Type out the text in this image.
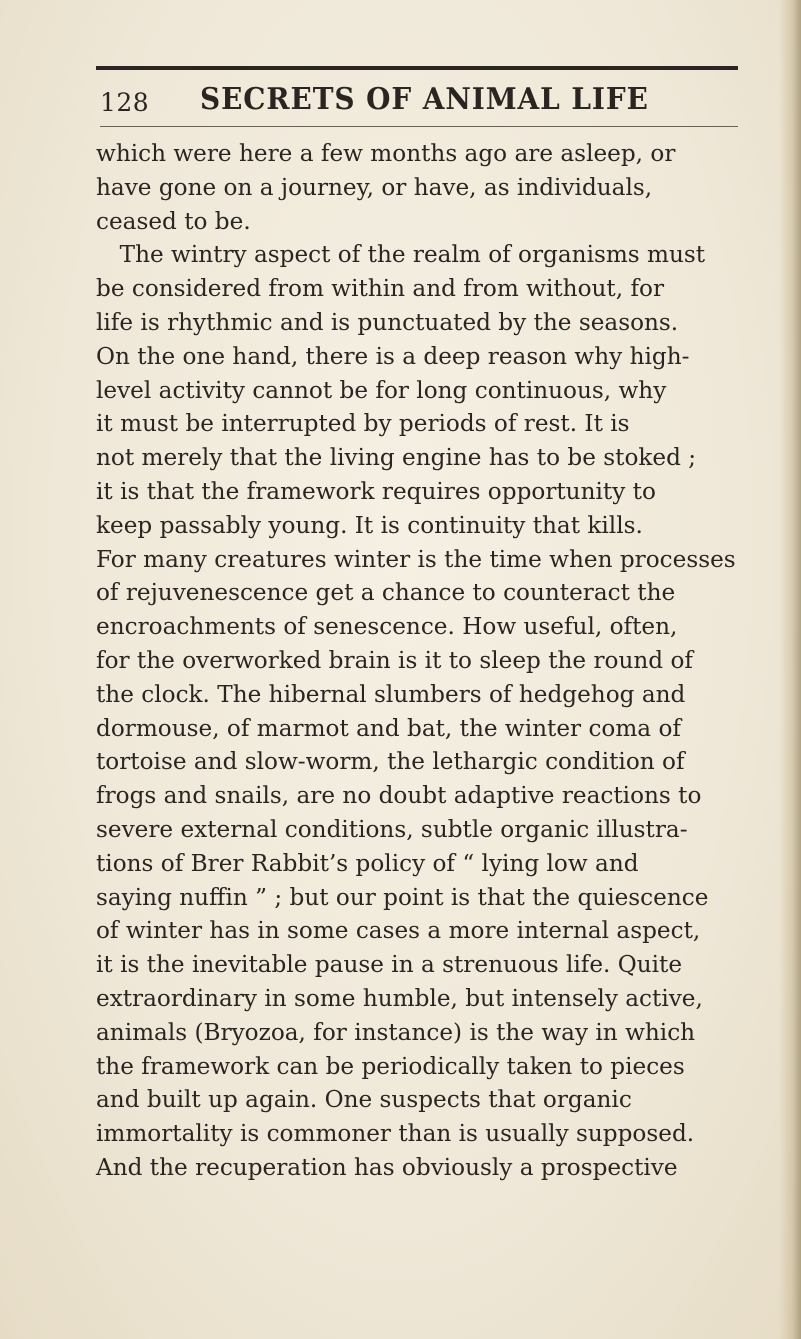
128 SECRETS OF ANIMAL LIFE
which were here a few months ago are asleep, or
have gone on a journey, or have, as individuals,
ceased to be.
The wintry aspect of the realm of organisms must
be considered from within and from without, for
life is rhythmic and is punctuated by the seasons.
On the one hand, there is a deep reason why high-
level activity cannot be for long continuous, why
it must be interrupted by periods of rest. It is
not merely that the living engine has to be stoked ;
it is that the framework requires opportunity to
keep passably young. It is continuity that kills.
For many creatures winter is the time when processes
of rejuvenescence get a chance to counteract the
encroachments of senescence. How useful, often,
for the overworked brain is it to sleep the round of
the clock. The hibernal slumbers of hedgehog and
dormouse, of marmot and bat, the winter coma of
tortoise and slow-worm, the lethargic condition of
frogs and snails, are no doubt adaptive reactions to
severe external conditions, subtle organic illustra-
tions of Brer Rabbit’s policy of “ lying low and
saying nuffin ” ; but our point is that the quiescence
of winter has in some cases a more internal aspect,
it is the inevitable pause in a strenuous life. Quite
extraordinary in some humble, but intensely active,
animals (Bryozoa, for instance) is the way in which
the framework can be periodically taken to pieces
and built up again. One suspects that organic
immortality is commoner than is usually supposed.
And the recuperation has obviously a prospective
